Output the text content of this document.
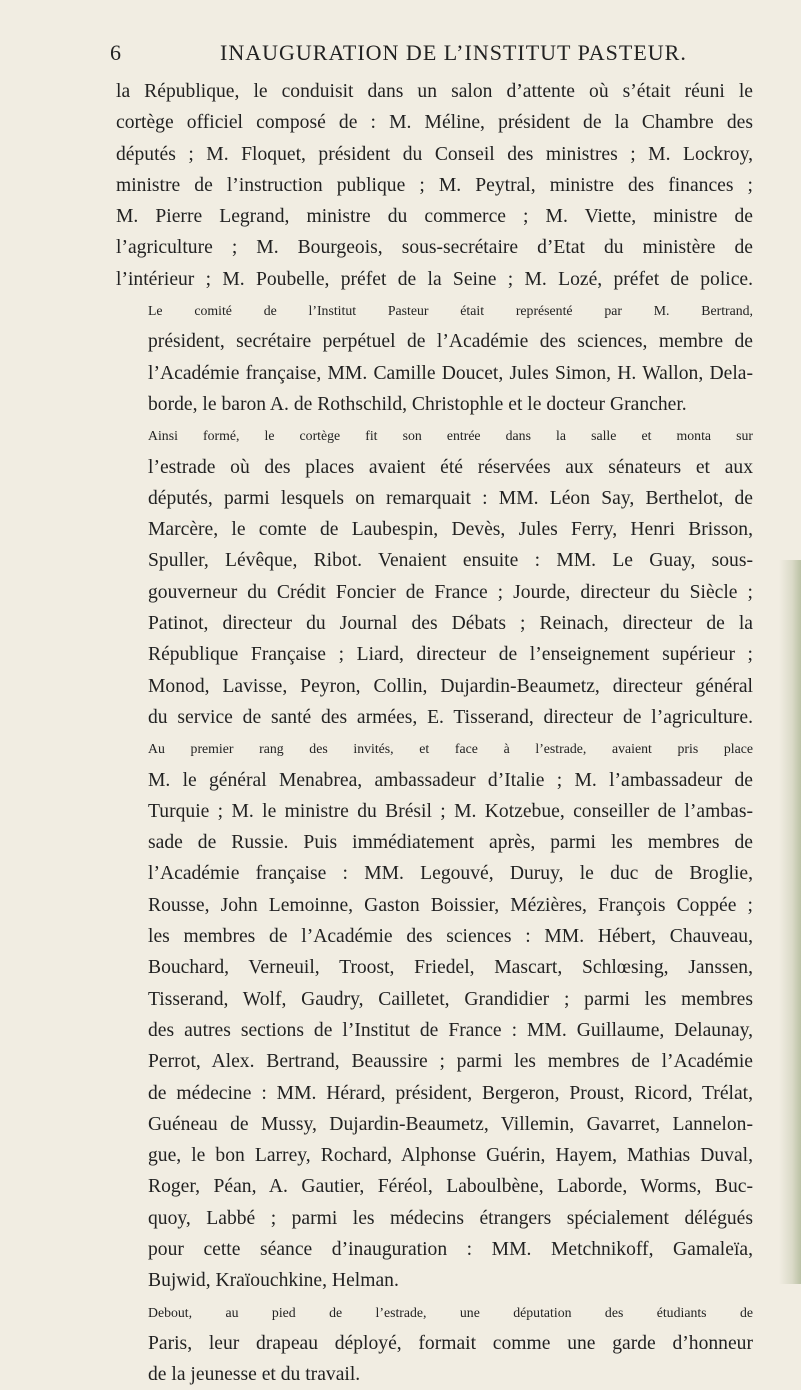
6	INAUGURATION DE L’INSTITUT PASTEUR.

la République, le conduisit dans un salon d’attente où s’était réuni le
cortège officiel composé de : M. Méline, président de la Chambre des
députés ; M. Floquet, président du Conseil des ministres ; M. Lockroy,
ministre de l’instruction publique ; M. Peytral, ministre des finances ;
M. Pierre Legrand, ministre du commerce ; M. Viette, ministre de
l’agriculture ; M. Bourgeois, sous-secrétaire d’Etat du ministère de
l’intérieur ; M. Poubelle, préfet de la Seine ; M. Lozé, préfet de police.

Le comité de l’Institut Pasteur était représenté par M. Bertrand,
président, secrétaire perpétuel de l’Académie des sciences, membre de
l’Académie française, MM. Camille Doucet, Jules Simon, H. Wallon, Dela-
borde, le baron A. de Rothschild, Christophle et le docteur Grancher.

Ainsi formé, le cortège fit son entrée dans la salle et monta sur
l’estrade où des places avaient été réservées aux sénateurs et aux
députés, parmi lesquels on remarquait : MM. Léon Say, Berthelot, de
Marcère, le comte de Laubespin, Devès, Jules Ferry, Henri Brisson,
Spuller, Lévêque, Ribot. Venaient ensuite : MM. Le Guay, sous-
gouverneur du Crédit Foncier de France ; Jourde, directeur du Siècle ;
Patinot, directeur du Journal des Débats ; Reinach, directeur de la
République Française ; Liard, directeur de l’enseignement supérieur ;
Monod, Lavisse, Peyron, Collin, Dujardin-Beaumetz, directeur général
du service de santé des armées, E. Tisserand, directeur de l’agriculture.

Au premier rang des invités, et face à l’estrade, avaient pris place
M. le général Menabrea, ambassadeur d’Italie ; M. l’ambassadeur de
Turquie ; M. le ministre du Brésil ; M. Kotzebue, conseiller de l’ambas-
sade de Russie. Puis immédiatement après, parmi les membres de
l’Académie française : MM. Legouvé, Duruy, le duc de Broglie,
Rousse, John Lemoinne, Gaston Boissier, Mézières, François Coppée ;
les membres de l’Académie des sciences : MM. Hébert, Chauveau,
Bouchard, Verneuil, Troost, Friedel, Mascart, Schlœsing, Janssen,
Tisserand, Wolf, Gaudry, Cailletet, Grandidier ; parmi les membres
des autres sections de l’Institut de France : MM. Guillaume, Delaunay,
Perrot, Alex. Bertrand, Beaussire ; parmi les membres de l’Académie
de médecine : MM. Hérard, président, Bergeron, Proust, Ricord, Trélat,
Guéneau de Mussy, Dujardin-Beaumetz, Villemin, Gavarret, Lannelon-
gue, le bon Larrey, Rochard, Alphonse Guérin, Hayem, Mathias Duval,
Roger, Péan, A. Gautier, Féréol, Laboulbène, Laborde, Worms, Buc-
quoy, Labbé ; parmi les médecins étrangers spécialement délégués
pour cette séance d’inauguration : MM. Metchnikoff, Gamaleïa,
Bujwid, Kraïouchkine, Helman.

Debout, au pied de l’estrade, une députation des étudiants de
Paris, leur drapeau déployé, formait comme une garde d’honneur
de la jeunesse et du travail.
